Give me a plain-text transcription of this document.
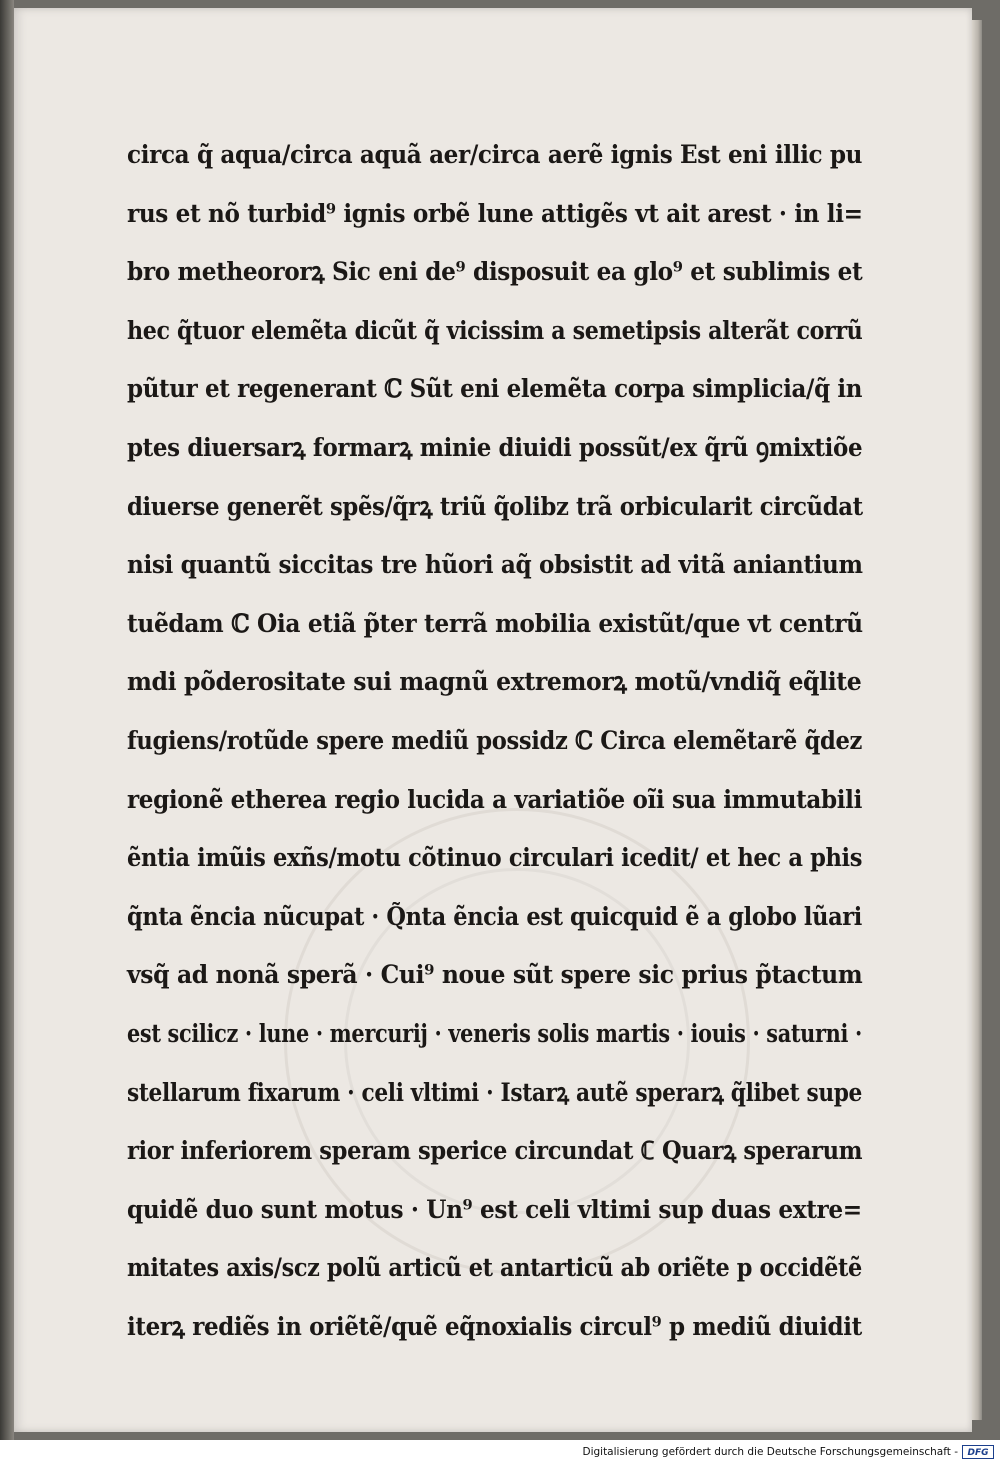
circa q̃ aqua/circa aquã aer/circa aerẽ ignis Est eni illic pu
rus et nõ turbid⁹ ignis orbẽ lune attigẽs vt ait arest · in li=
bro metheororꝝ Sic eni de⁹ disposuit ea glo⁹ et sublimis et
hec q̃tuor elemẽta dicũt q̃ vicissim a semetipsis alterãt corrũ
pũtur et regenerant ℂ Sũt eni elemẽta corpa simplicia/q̃ in
ptes diuersarꝝ formarꝝ minie diuidi possũt/ex q̃rũ ꝯmixtiõe
diuerse generẽt spẽs/q̃rꝝ triũ q̃olibz trã orbicularit circũdat
nisi quantũ siccitas tre hũori aq̃ obsistit ad vitã aniantium
tuẽdam ℂ Oia etiã p̃ter terrã mobilia existũt/que vt centrũ
mdi põderositate sui magnũ extremorꝝ motũ/vndiq̃ eq̃lite
fugiens/rotũde spere mediũ possidz ℂ Circa elemẽtarẽ q̃dez
regionẽ etherea regio lucida a variatiõe oĩi sua immutabili
ẽntia imũis exñs/motu cõtinuo circulari icedit/ et hec a phis
q̃nta ẽncia nũcupat · Q̃nta ẽncia est quicquid ẽ a globo lũari
vsq̃ ad nonã sperã · Cui⁹ noue sũt spere sic prius p̃tactum
est scilicz · lune · mercurij · veneris solis martis · iouis · saturni ·
stellarum fixarum · celi vltimi · Istarꝝ autẽ sperarꝝ q̃libet supe
rior inferiorem speram sperice circundat ℂ Quarꝝ sperarum
quidẽ duo sunt motus · Un⁹ est celi vltimi sup duas extre=
mitates axis/scz polũ articũ et antarticũ ab oriẽte p occidẽtẽ
iterꝝ rediẽs in oriẽtẽ/quẽ eq̃noxialis circul⁹ p mediũ diuidit
Digitalisierung gefördert durch die Deutsche Forschungsgemeinschaft -	DFG
